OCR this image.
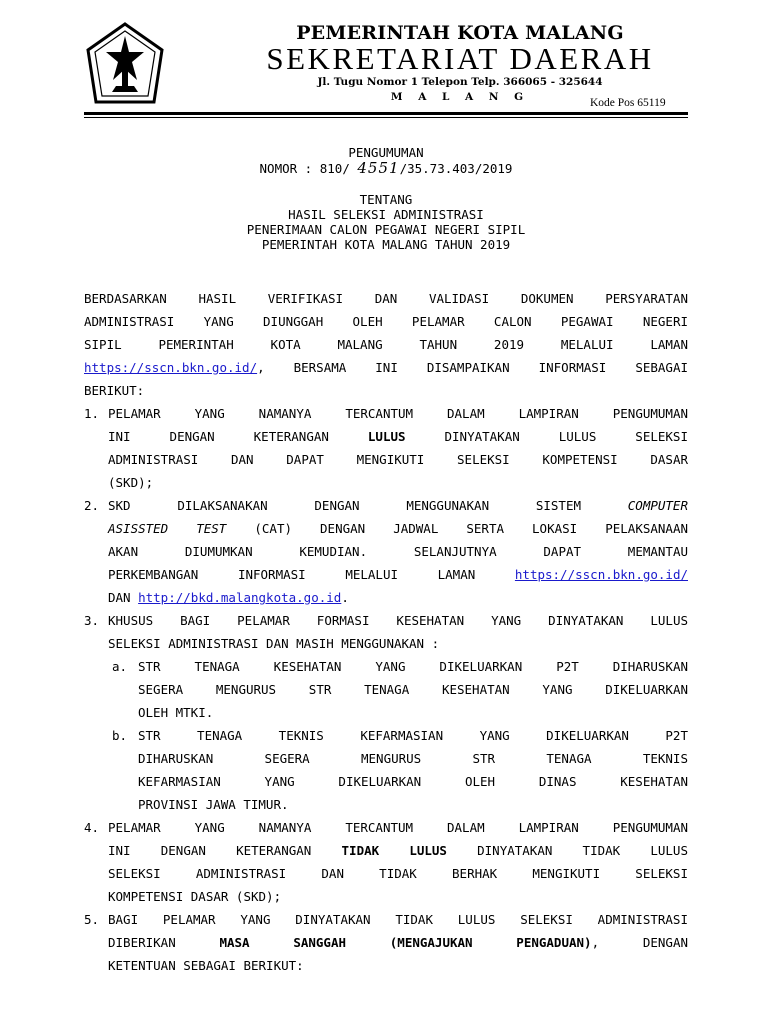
PEMERINTAH KOTA MALANG
SEKRETARIAT DAERAH
Jl. Tugu Nomor 1 Telepon Telp. 366065 - 325644
M A L A N G	Kode Pos 65119
PENGUMUMAN
NOMOR : 810/ 4551/35.73.403/2019
TENTANG
HASIL SELEKSI ADMINISTRASI
PENERIMAAN CALON PEGAWAI NEGERI SIPIL
PEMERINTAH KOTA MALANG TAHUN 2019
BERDASARKAN HASIL VERIFIKASI DAN VALIDASI DOKUMEN PERSYARATAN
ADMINISTRASI YANG DIUNGGAH OLEH PELAMAR CALON PEGAWAI NEGERI
SIPIL PEMERINTAH KOTA MALANG TAHUN 2019 MELALUI LAMAN
https://sscn.bkn.go.id/, BERSAMA INI DISAMPAIKAN INFORMASI SEBAGAI
BERIKUT:
1. PELAMAR YANG NAMANYA TERCANTUM DALAM LAMPIRAN PENGUMUMAN
INI DENGAN KETERANGAN LULUS DINYATAKAN LULUS SELEKSI
ADMINISTRASI DAN DAPAT MENGIKUTI SELEKSI KOMPETENSI DASAR
(SKD);
2. SKD DILAKSANAKAN DENGAN MENGGUNAKAN SISTEM COMPUTER
ASISSTED TEST (CAT) DENGAN JADWAL SERTA LOKASI PELAKSANAAN
AKAN DIUMUMKAN KEMUDIAN. SELANJUTNYA DAPAT MEMANTAU
PERKEMBANGAN INFORMASI MELALUI LAMAN https://sscn.bkn.go.id/
DAN http://bkd.malangkota.go.id.
3. KHUSUS BAGI PELAMAR FORMASI KESEHATAN YANG DINYATAKAN LULUS
SELEKSI ADMINISTRASI DAN MASIH MENGGUNAKAN :
a. STR TENAGA KESEHATAN YANG DIKELUARKAN P2T DIHARUSKAN
SEGERA MENGURUS STR TENAGA KESEHATAN YANG DIKELUARKAN
OLEH MTKI.
b. STR TENAGA TEKNIS KEFARMASIAN YANG DIKELUARKAN P2T
DIHARUSKAN SEGERA MENGURUS STR TENAGA TEKNIS
KEFARMASIAN YANG DIKELUARKAN OLEH DINAS KESEHATAN
PROVINSI JAWA TIMUR.
4. PELAMAR YANG NAMANYA TERCANTUM DALAM LAMPIRAN PENGUMUMAN
INI DENGAN KETERANGAN TIDAK LULUS DINYATAKAN TIDAK LULUS
SELEKSI ADMINISTRASI DAN TIDAK BERHAK MENGIKUTI SELEKSI
KOMPETENSI DASAR (SKD);
5. BAGI PELAMAR YANG DINYATAKAN TIDAK LULUS SELEKSI ADMINISTRASI
DIBERIKAN MASA SANGGAH (MENGAJUKAN PENGADUAN), DENGAN
KETENTUAN SEBAGAI BERIKUT:
